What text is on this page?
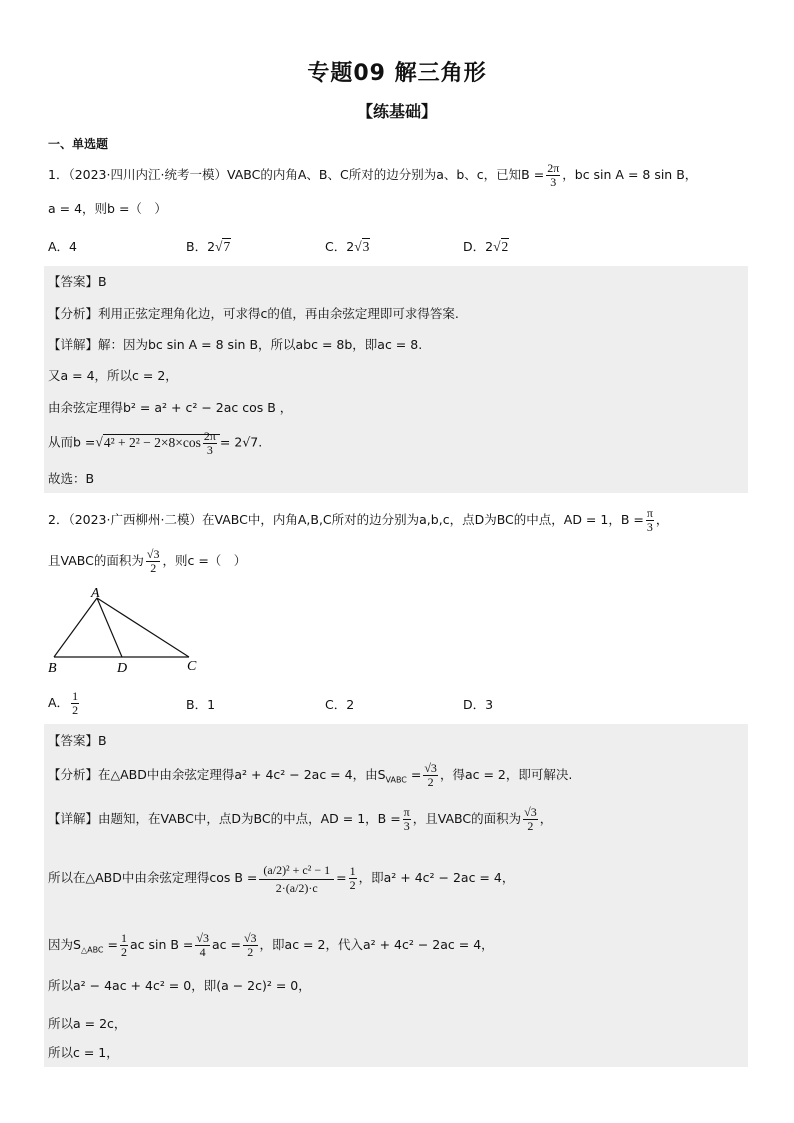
专题09 解三角形
【练基础】
一、单选题
1．（2023·四川内江·统考一模）VABC的内角A、B、C所对的边分别为a、b、c，已知$B = \frac{2\pi}{3}$ ，bc sin A = 8 sin B，
a = 4，则b =（　）
A．4	B．2√7	C．2√3	D．2√2
【答案】B
【分析】利用正弦定理角化边，可求得c的值，再由余弦定理即可求得答案.
【详解】解：因为bc sin A = 8 sin B，所以abc = 8b，即ac = 8.
又a = 4，所以c = 2，
由余弦定理得b² = a² + c² − 2ac cos B ，
从而$b =√4^2 + 2^2 - 2\times 8\times\cos \frac{2\pi}{3} = 2√7$.
故选：B
2．（2023·广西柳州·二模）在VABC中，内角A,B,C所对的边分别为a,b,c，点D为BC的中点，AD = 1，$B = \frac{\pi}{3}$ ，
且VABC的面积为 $\frac{√3}{2}$ ，则c =（　）
A
B	D	C
A． $\frac{1}{2}$	B．1	C．2	D．3
【答案】B
【分析】在△ABD中由余弦定理得a² + 4c² − 2ac = 4，由$S_{VABC} = \frac{√3}{2}$ ，得ac = 2，即可解决.
【详解】由题知，在VABC中，点D为BC的中点，AD = 1，$B = \frac{\pi}{3}$ ，且VABC的面积为 $\frac{√3}{2}$ ，
所以在△ABD中由余弦定理得$\cos B = \frac{\text{(a/2)² + c² − 1}}{2\cdot(a/2)\cdot c} = \frac{1}{2}$ ，即a² + 4c² − 2ac = 4，
因为$S_{\triangle ABC} = \frac{1}{2}$ ac $\sin B = \frac{√3}{4}$ ac = $\frac{√3}{2}$ ，即ac = 2，代入a² + 4c² − 2ac = 4，
所以a² − 4ac + 4c² = 0，即(a − 2c)² = 0，
所以a = 2c，
所以c = 1，
